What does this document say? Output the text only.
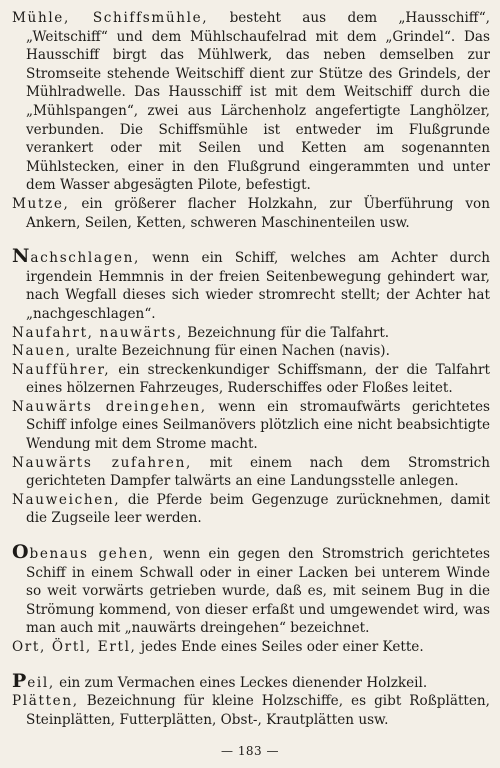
Mühle, Schiffsmühle, besteht aus dem „Hausschiff“, „Weitschiff“ und dem Mühlschaufelrad mit dem „Grindel“. Das Hausschiff birgt das Mühlwerk, das neben demselben zur Stromseite stehende Weitschiff dient zur Stütze des Grindels, der Mühlradwelle. Das Hausschiff ist mit dem Weitschiff durch die „Mühlspangen“, zwei aus Lärchenholz angefertigte Langhölzer, verbunden. Die Schiffsmühle ist entweder im Flußgrunde verankert oder mit Seilen und Ketten am sogenannten Mühlstecken, einer in den Flußgrund eingerammten und unter dem Wasser abgesägten Pilote, befestigt.

Mutze, ein größerer flacher Holzkahn, zur Überführung von Ankern, Seilen, Ketten, schweren Maschinenteilen usw.

Nachschlagen, wenn ein Schiff, welches am Achter durch irgendein Hemmnis in der freien Seitenbewegung gehindert war, nach Wegfall dieses sich wieder stromrecht stellt; der Achter hat „nachgeschlagen“.

Naufahrt, nauwärts, Bezeichnung für die Talfahrt.

Nauen, uralte Bezeichnung für einen Nachen (navis).

Naufführer, ein streckenkundiger Schiffsmann, der die Talfahrt eines hölzernen Fahrzeuges, Ruderschiffes oder Floßes leitet.

Nauwärts dreingehen, wenn ein stromaufwärts gerichtetes Schiff infolge eines Seilmanövers plötzlich eine nicht beabsichtigte Wendung mit dem Strome macht.

Nauwärts zufahren, mit einem nach dem Stromstrich gerichteten Dampfer talwärts an eine Landungsstelle anlegen.

Nauweichen, die Pferde beim Gegenzuge zurücknehmen, damit die Zugseile leer werden.

Obenaus gehen, wenn ein gegen den Stromstrich gerichtetes Schiff in einem Schwall oder in einer Lacken bei unterem Winde so weit vorwärts getrieben wurde, daß es, mit seinem Bug in die Strömung kommend, von dieser erfaßt und umgewendet wird, was man auch mit „nauwärts dreingehen“ bezeichnet.

Ort, Örtl, Ertl, jedes Ende eines Seiles oder einer Kette.

Peil, ein zum Vermachen eines Leckes dienender Holzkeil.

Plätten, Bezeichnung für kleine Holzschiffe, es gibt Roßplätten, Steinplätten, Futterplätten, Obst-, Krautplätten usw.

— 183 —
